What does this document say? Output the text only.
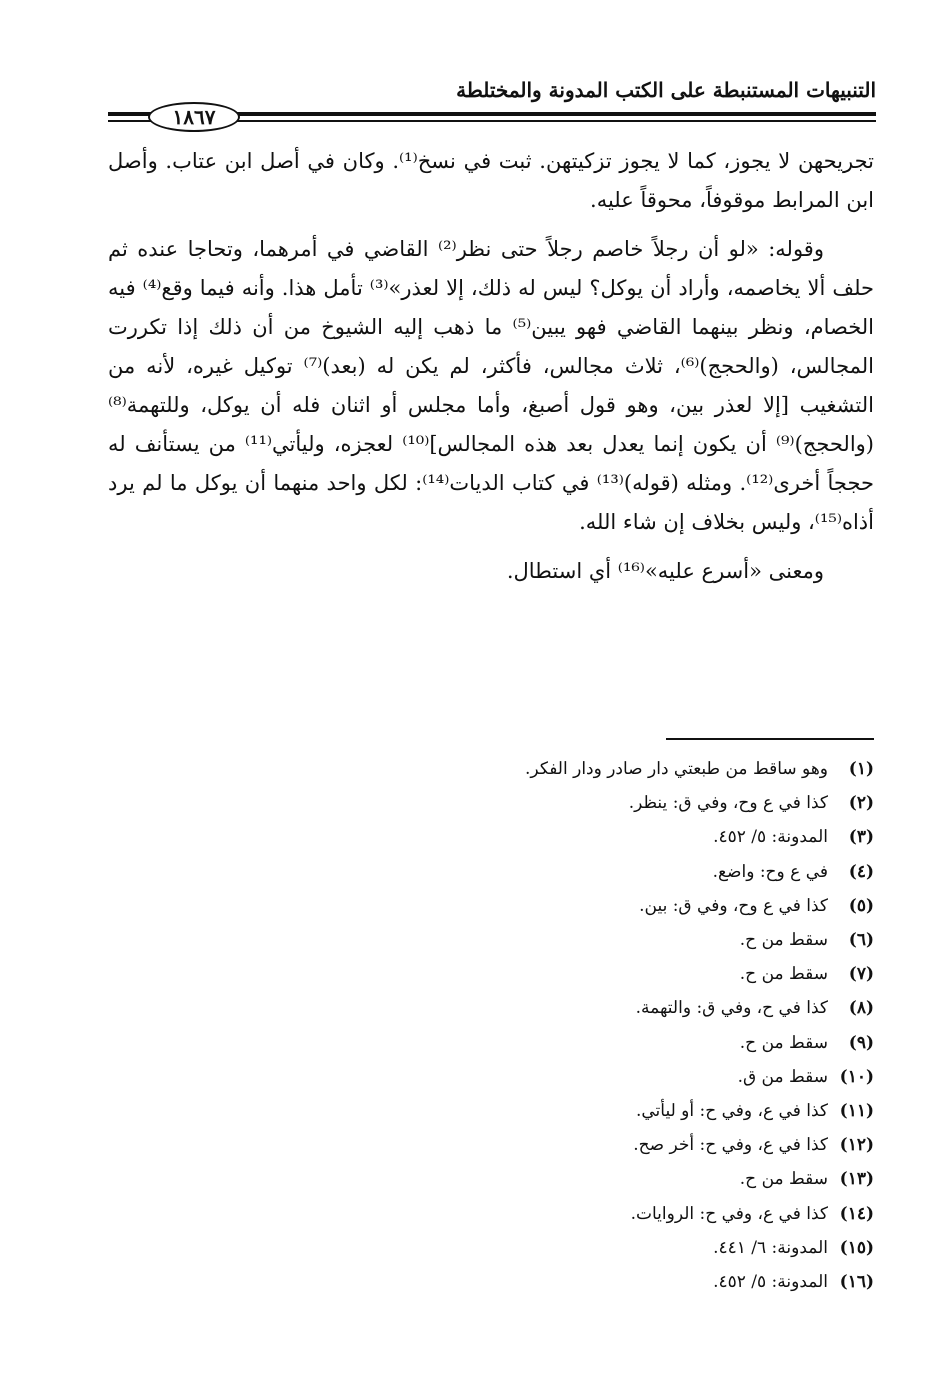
التنبيهات المستنبطة على الكتب المدونة والمختلطة
١٨٦٧

تجريحهن لا يجوز، كما لا يجوز تزكيتهن. ثبت في نسخ⁽¹⁾. وكان في أصل ابن عتاب. وأصل ابن المرابط موقوفاً، محوقاً عليه.

وقوله: «لو أن رجلاً خاصم رجلاً حتى نظر⁽²⁾ القاضي في أمرهما، وتحاجا عنده ثم حلف ألا يخاصمه، وأراد أن يوكل؟ ليس له ذلك، إلا لعذر»⁽³⁾ تأمل هذا. وأنه فيما وقع⁽⁴⁾ فيه الخصام، ونظر بينهما القاضي فهو يبين⁽⁵⁾ ما ذهب إليه الشيوخ من أن ذلك إذا تكررت المجالس، (والحجج)⁽⁶⁾، ثلاث مجالس، فأكثر، لم يكن له (بعد)⁽⁷⁾ توكيل غيره، لأنه من التشغيب [إلا لعذر بين، وهو قول أصبغ، وأما مجلس أو اثنان فله أن يوكل، وللتهمة⁽⁸⁾ (والحجج)⁽⁹⁾ أن يكون إنما يعدل بعد هذه المجالس]⁽¹⁰⁾ لعجزه، وليأتي⁽¹¹⁾ من يستأنف له حججاً أخرى⁽¹²⁾. ومثله (قوله)⁽¹³⁾ في كتاب الديات⁽¹⁴⁾: لكل واحد منهما أن يوكل ما لم يرد أذاه⁽¹⁵⁾، وليس بخلاف إن شاء الله.

ومعنى «أسرع عليه»⁽¹⁶⁾ أي استطال.

(١)وهو ساقط من طبعتي دار صادر ودار الفكر.
(٢)كذا في ع وح، وفي ق: ينظر.
(٣)المدونة: ٥/ ٤٥٢.
(٤)في ع وح: واضع.
(٥)كذا في ع وح، وفي ق: بين.
(٦)سقط من ح.
(٧)سقط من ح.
(٨)كذا في ح، وفي ق: والتهمة.
(٩)سقط من ح.
(١٠)سقط من ق.
(١١)كذا في ع، وفي ح: أو ليأتي.
(١٢)كذا في ع، وفي ح: أخر صح.
(١٣)سقط من ح.
(١٤)كذا في ع، وفي ح: الروايات.
(١٥)المدونة: ٦/ ٤٤١.
(١٦)المدونة: ٥/ ٤٥٢.
